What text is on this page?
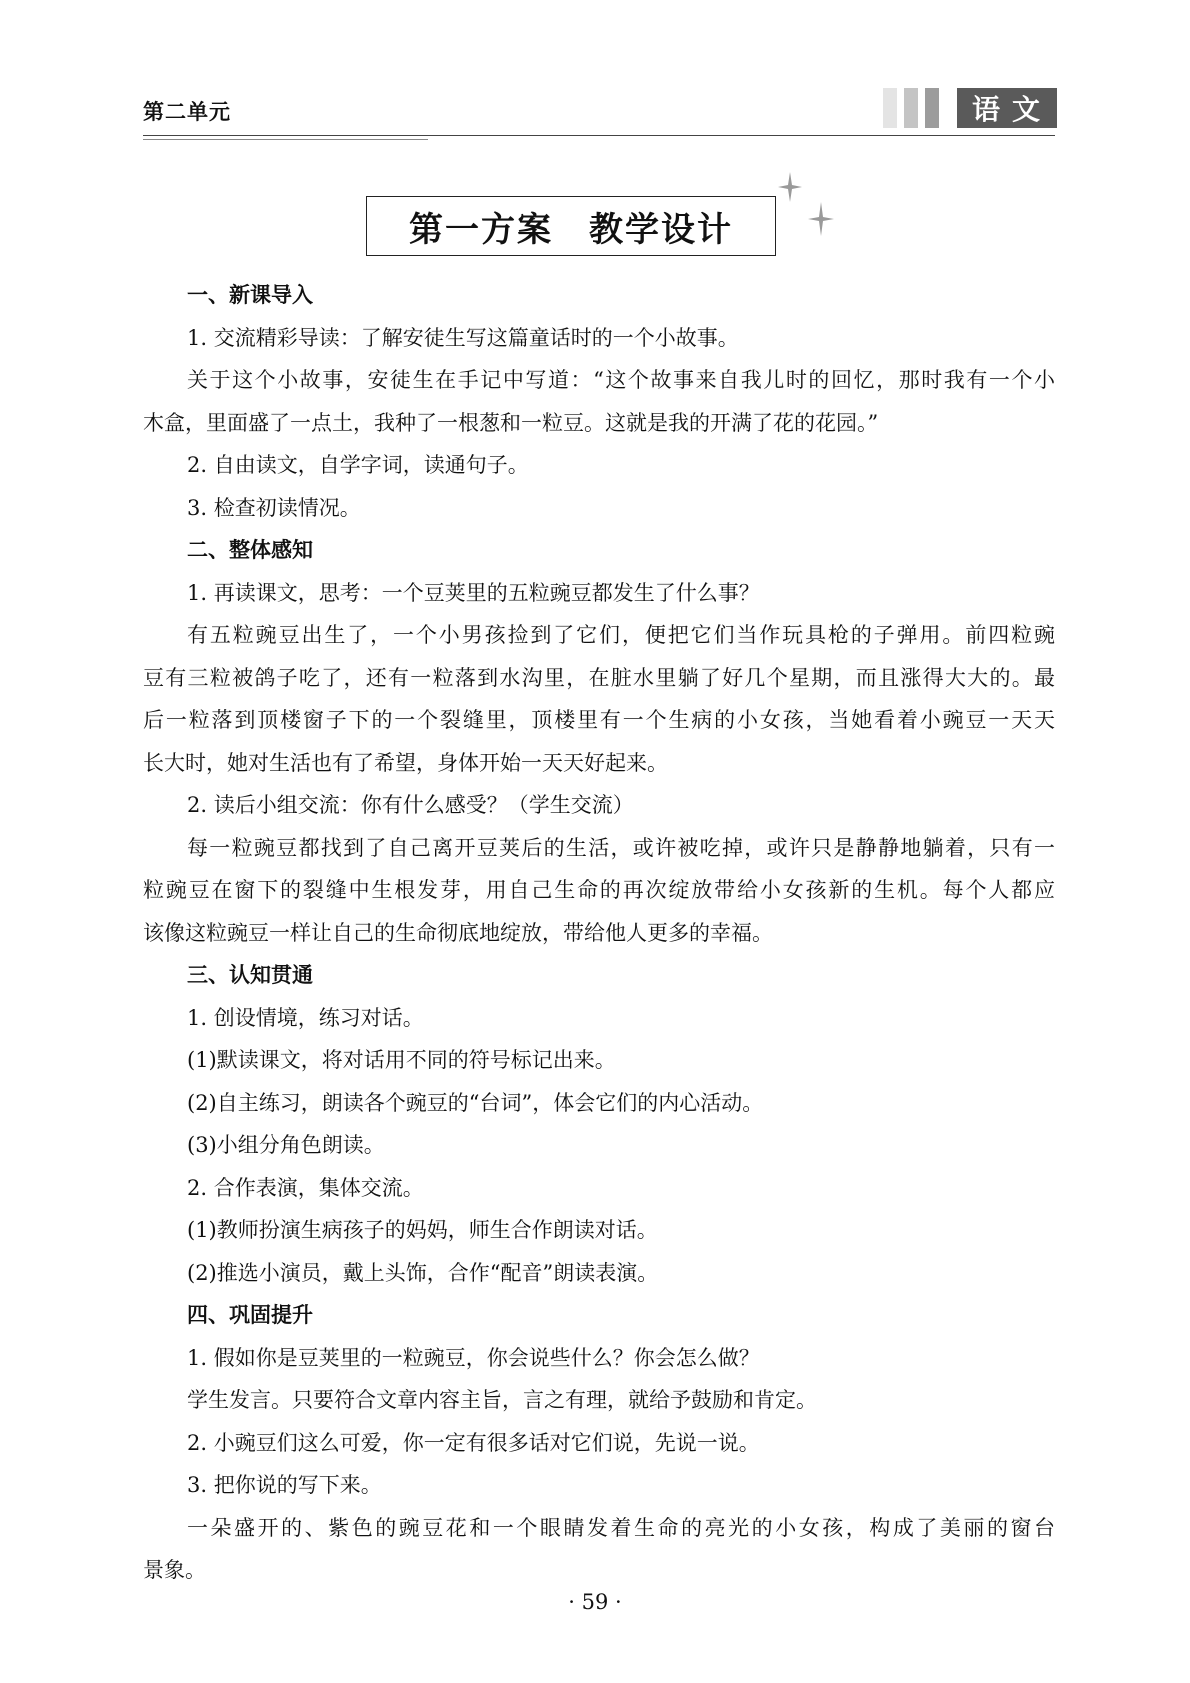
第二单元	语文
第一方案　教学设计
一、新课导入
1. 交流精彩导读：了解安徒生写这篇童话时的一个小故事。
关于这个小故事，安徒生在手记中写道：“这个故事来自我儿时的回忆，那时我有一个小
木盒，里面盛了一点土，我种了一根葱和一粒豆。这就是我的开满了花的花园。”
2. 自由读文，自学字词，读通句子。
3. 检查初读情况。
二、整体感知
1. 再读课文，思考：一个豆荚里的五粒豌豆都发生了什么事？
有五粒豌豆出生了，一个小男孩捡到了它们，便把它们当作玩具枪的子弹用。前四粒豌
豆有三粒被鸽子吃了，还有一粒落到水沟里，在脏水里躺了好几个星期，而且涨得大大的。最
后一粒落到顶楼窗子下的一个裂缝里，顶楼里有一个生病的小女孩，当她看着小豌豆一天天
长大时，她对生活也有了希望，身体开始一天天好起来。
2. 读后小组交流：你有什么感受？（学生交流）
每一粒豌豆都找到了自己离开豆荚后的生活，或许被吃掉，或许只是静静地躺着，只有一
粒豌豆在窗下的裂缝中生根发芽，用自己生命的再次绽放带给小女孩新的生机。每个人都应
该像这粒豌豆一样让自己的生命彻底地绽放，带给他人更多的幸福。
三、认知贯通
1. 创设情境，练习对话。
(1)默读课文，将对话用不同的符号标记出来。
(2)自主练习，朗读各个豌豆的“台词”，体会它们的内心活动。
(3)小组分角色朗读。
2. 合作表演，集体交流。
(1)教师扮演生病孩子的妈妈，师生合作朗读对话。
(2)推选小演员，戴上头饰，合作“配音”朗读表演。
四、巩固提升
1. 假如你是豆荚里的一粒豌豆，你会说些什么？你会怎么做？
学生发言。只要符合文章内容主旨，言之有理，就给予鼓励和肯定。
2. 小豌豆们这么可爱，你一定有很多话对它们说，先说一说。
3. 把你说的写下来。
一朵盛开的、紫色的豌豆花和一个眼睛发着生命的亮光的小女孩，构成了美丽的窗台
景象。
· 59 ·
